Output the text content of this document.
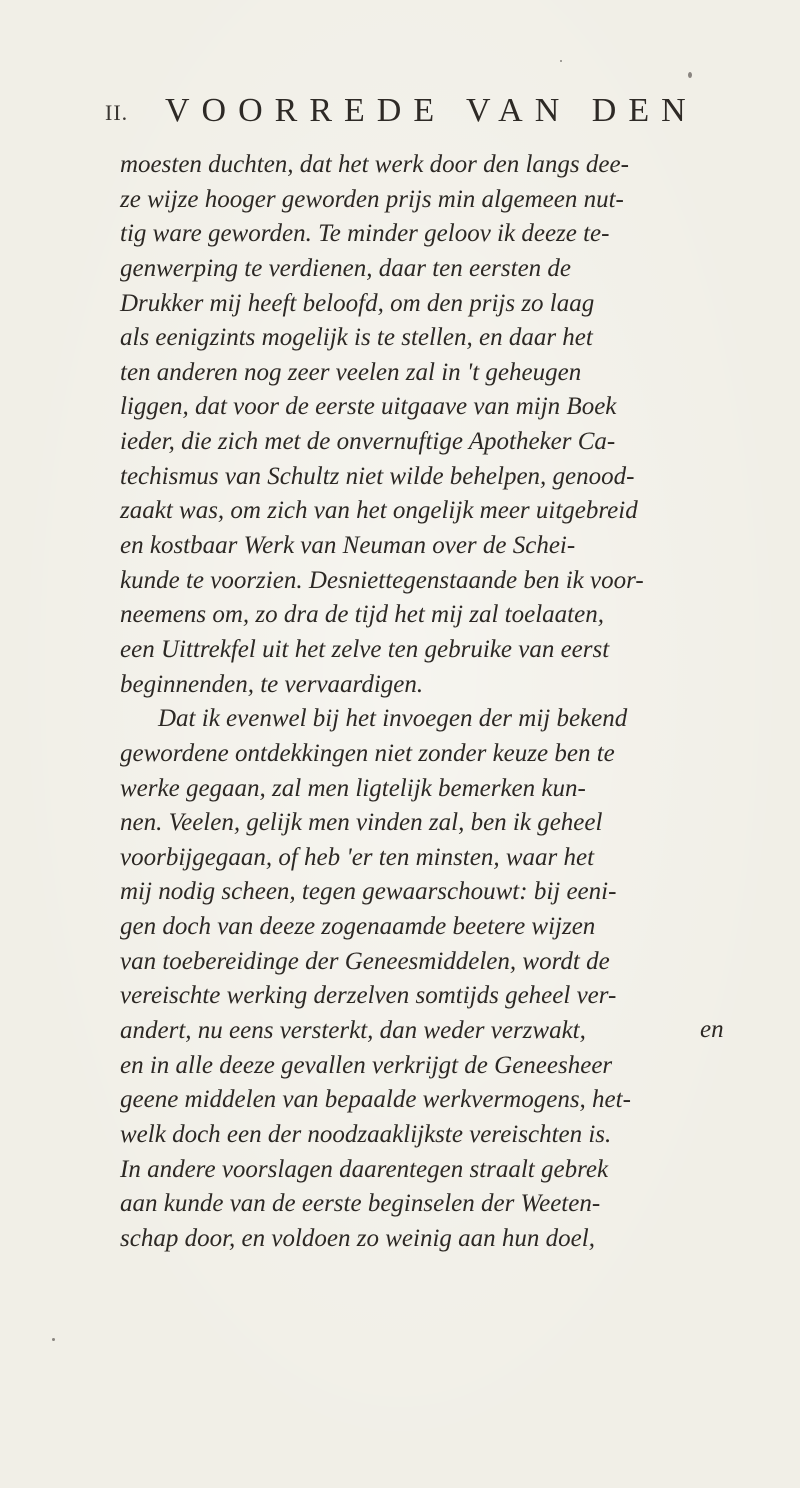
II. VOORREDE VAN DEN
moesten duchten, dat het werk door den langs dee-
ze wijze hooger geworden prijs min algemeen nut-
tig ware geworden. Te minder geloov ik deeze te-
genwerping te verdienen, daar ten eersten de
Drukker mij heeft beloofd, om den prijs zo laag
als eenigzints mogelijk is te stellen, en daar het
ten anderen nog zeer veelen zal in 't geheugen
liggen, dat voor de eerste uitgaave van mijn Boek
ieder, die zich met de onvernuftige Apotheker Ca-
techismus van Schultz niet wilde behelpen, genood-
zaakt was, om zich van het ongelijk meer uitgebreid
en kostbaar Werk van Neuman over de Schei-
kunde te voorzien. Desniettegenstaande ben ik voor-
neemens om, zo dra de tijd het mij zal toelaaten,
een Uittrekfel uit het zelve ten gebruike van eerst
beginnenden, te vervaardigen.
Dat ik evenwel bij het invoegen der mij bekend
gewordene ontdekkingen niet zonder keuze ben te
werke gegaan, zal men ligtelijk bemerken kun-
nen. Veelen, gelijk men vinden zal, ben ik geheel
voorbijgegaan, of heb 'er ten minsten, waar het
mij nodig scheen, tegen gewaarschouwt: bij eeni-
gen doch van deeze zogenaamde beetere wijzen
van toebereidinge der Geneesmiddelen, wordt de
vereischte werking derzelven somtijds geheel ver-
andert, nu eens versterkt, dan weder verzwakt,
en in alle deeze gevallen verkrijgt de Geneesheer
geene middelen van bepaalde werkvermogens, het-
welk doch een der noodzaaklijkste vereischten is.
In andere voorslagen daarentegen straalt gebrek
aan kunde van de eerste beginselen der Weeten-
schap door, en voldoen zo weinig aan hun doel,
en
